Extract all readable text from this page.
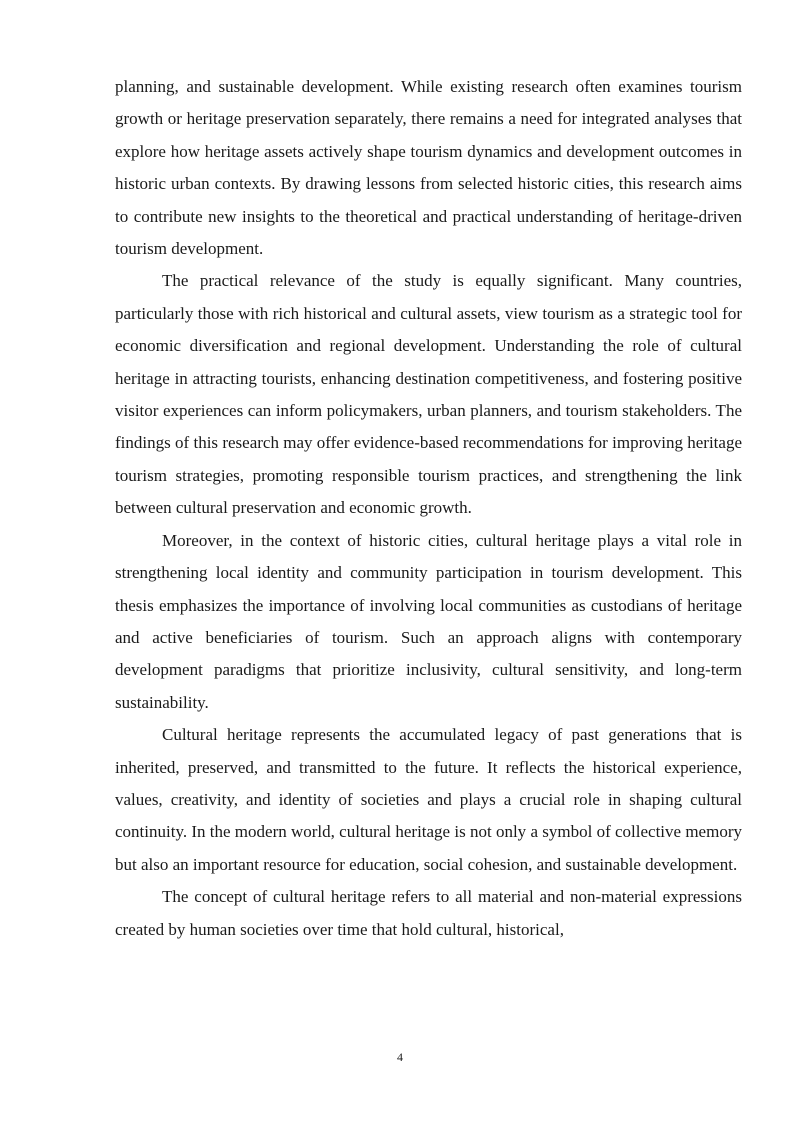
planning, and sustainable development. While existing research often examines tourism growth or heritage preservation separately, there remains a need for integrated analyses that explore how heritage assets actively shape tourism dynamics and development outcomes in historic urban contexts. By drawing lessons from selected historic cities, this research aims to contribute new insights to the theoretical and practical understanding of heritage-driven tourism development.

The practical relevance of the study is equally significant. Many countries, particularly those with rich historical and cultural assets, view tourism as a strategic tool for economic diversification and regional development. Understanding the role of cultural heritage in attracting tourists, enhancing destination competitiveness, and fostering positive visitor experiences can inform policymakers, urban planners, and tourism stakeholders. The findings of this research may offer evidence-based recommendations for improving heritage tourism strategies, promoting responsible tourism practices, and strengthening the link between cultural preservation and economic growth.

Moreover, in the context of historic cities, cultural heritage plays a vital role in strengthening local identity and community participation in tourism development. This thesis emphasizes the importance of involving local communities as custodians of heritage and active beneficiaries of tourism. Such an approach aligns with contemporary development paradigms that prioritize inclusivity, cultural sensitivity, and long-term sustainability.

Cultural heritage represents the accumulated legacy of past generations that is inherited, preserved, and transmitted to the future. It reflects the historical experience, values, creativity, and identity of societies and plays a crucial role in shaping cultural continuity. In the modern world, cultural heritage is not only a symbol of collective memory but also an important resource for education, social cohesion, and sustainable development.

The concept of cultural heritage refers to all material and non-material expressions created by human societies over time that hold cultural, historical,

4
